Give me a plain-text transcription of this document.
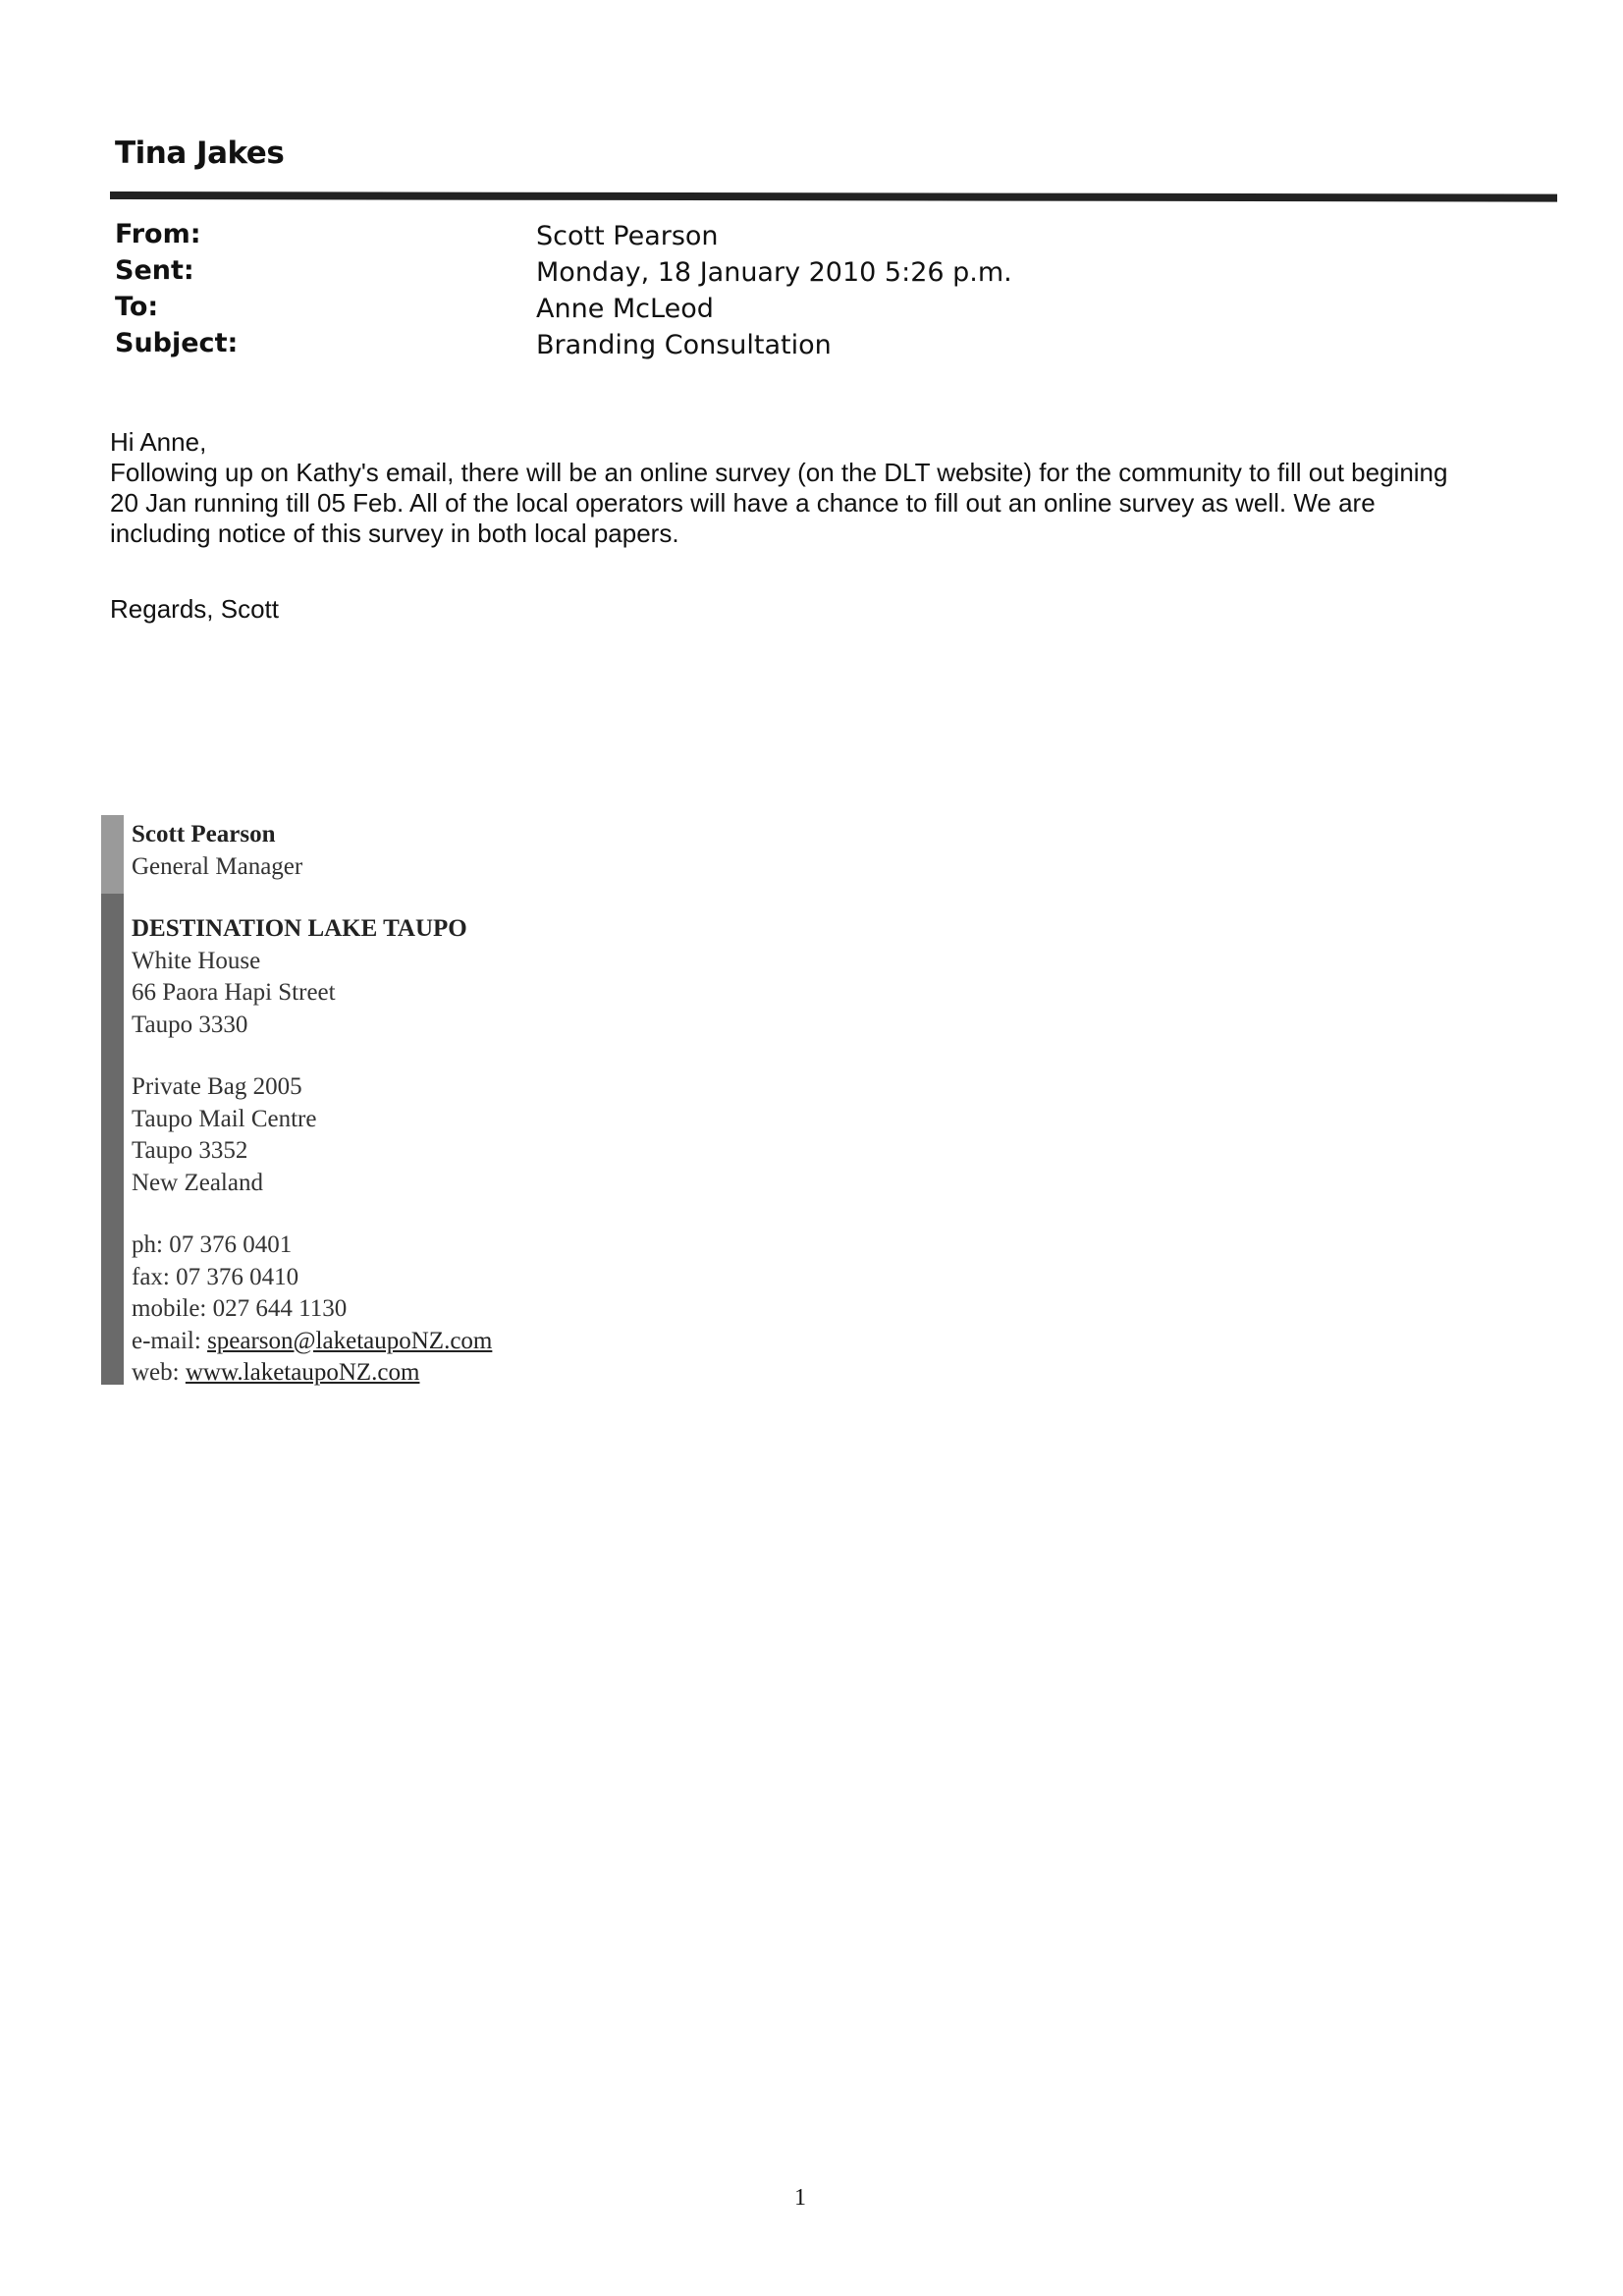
Tina Jakes
From:
Sent:
To:
Subject:
Scott Pearson
Monday, 18 January 2010 5:26 p.m.
Anne McLeod
Branding Consultation

Hi Anne,

Following up on Kathy's email, there will be an online survey (on the DLT website) for the community to fill out begining 20 Jan running till 05 Feb. All of the local operators will have a chance to fill out an online survey as well. We are including notice of this survey in both local papers.

Regards, Scott
Scott Pearson
General Manager
DESTINATION LAKE TAUPO
White House
66 Paora Hapi Street
Taupo 3330
Private Bag 2005
Taupo Mail Centre
Taupo 3352
New Zealand
ph: 07 376 0401
fax: 07 376 0410
mobile: 027 644 1130
e-mail: spearson@laketaupoNZ.com
web: www.laketaupoNZ.com
1
